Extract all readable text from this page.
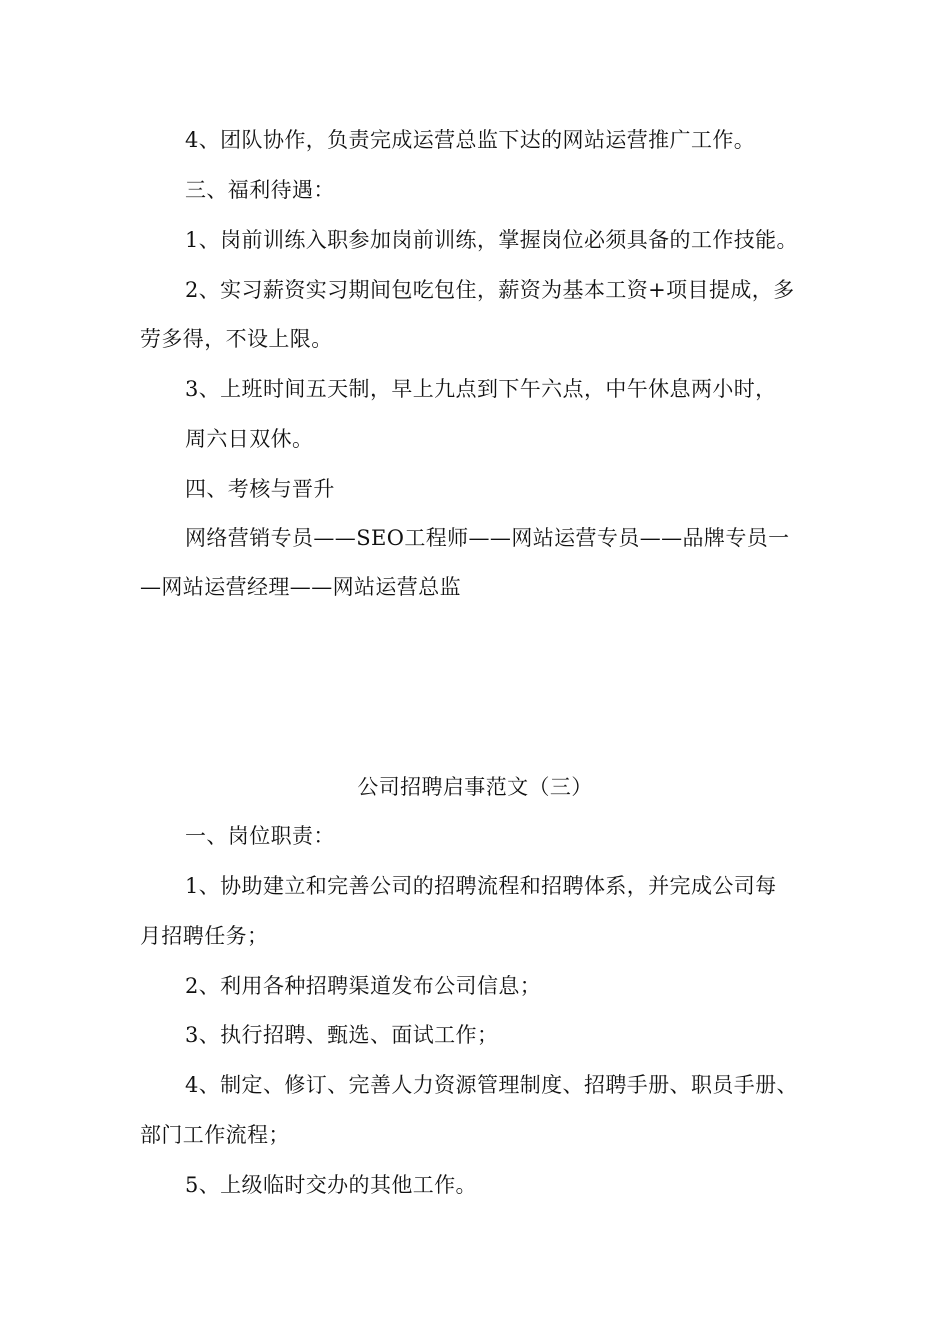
4、团队协作，负责完成运营总监下达的网站运营推广工作。
三、福利待遇：
1、岗前训练入职参加岗前训练，掌握岗位必须具备的工作技能。
2、实习薪资实习期间包吃包住，薪资为基本工资+项目提成，多
劳多得，不设上限。
3、上班时间五天制，早上九点到下午六点，中午休息两小时，
周六日双休。
四、考核与晋升
网络营销专员——SEO工程师——网站运营专员——品牌专员一
—网站运营经理——网站运营总监
公司招聘启事范文（三）
一、岗位职责：
1、协助建立和完善公司的招聘流程和招聘体系，并完成公司每
月招聘任务；
2、利用各种招聘渠道发布公司信息；
3、执行招聘、甄选、面试工作；
4、制定、修订、完善人力资源管理制度、招聘手册、职员手册、
部门工作流程；
5、上级临时交办的其他工作。
